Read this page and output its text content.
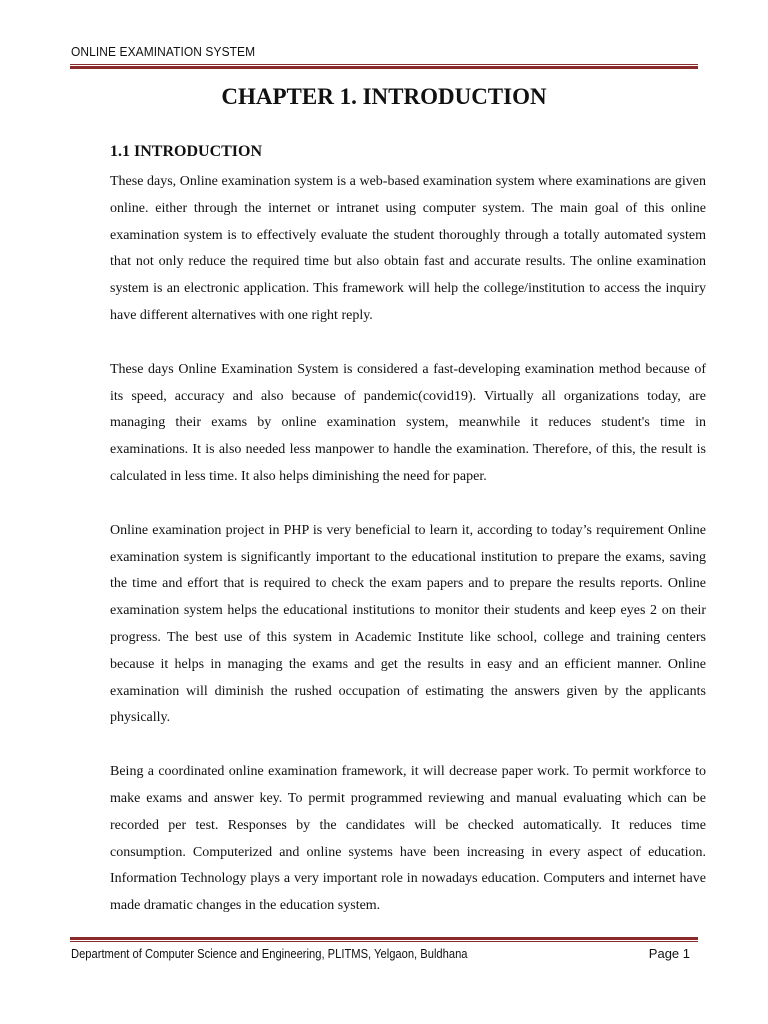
ONLINE EXAMINATION SYSTEM
CHAPTER 1. INTRODUCTION
1.1 INTRODUCTION

These days, Online examination system is a web-based examination system where examinations are given online. either through the internet or intranet using computer system. The main goal of this online examination system is to effectively evaluate the student thoroughly through a totally automated system that not only reduce the required time but also obtain fast and accurate results. The online examination system is an electronic application. This framework will help the college/institution to access the inquiry have different alternatives with one right reply.

These days Online Examination System is considered a fast-developing examination method because of its speed, accuracy and also because of pandemic(covid19). Virtually all organizations today, are managing their exams by online examination system, meanwhile it reduces student's time in examinations. It is also needed less manpower to handle the examination. Therefore, of this, the result is calculated in less time. It also helps diminishing the need for paper.

Online examination project in PHP is very beneficial to learn it, according to today’s requirement Online examination system is significantly important to the educational institution to prepare the exams, saving the time and effort that is required to check the exam papers and to prepare the results reports. Online examination system helps the educational institutions to monitor their students and keep eyes 2 on their progress. The best use of this system in Academic Institute like school, college and training centers because it helps in managing the exams and get the results in easy and an efficient manner. Online examination will diminish the rushed occupation of estimating the answers given by the applicants physically.

Being a coordinated online examination framework, it will decrease paper work. To permit workforce to make exams and answer key. To permit programmed reviewing and manual evaluating which can be recorded per test. Responses by the candidates will be checked automatically. It reduces time consumption. Computerized and online systems have been increasing in every aspect of education. Information Technology plays a very important role in nowadays education. Computers and internet have made dramatic changes in the education system.

Department of Computer Science and Engineering, PLITMS, Yelgaon, Buldhana	Page 1
